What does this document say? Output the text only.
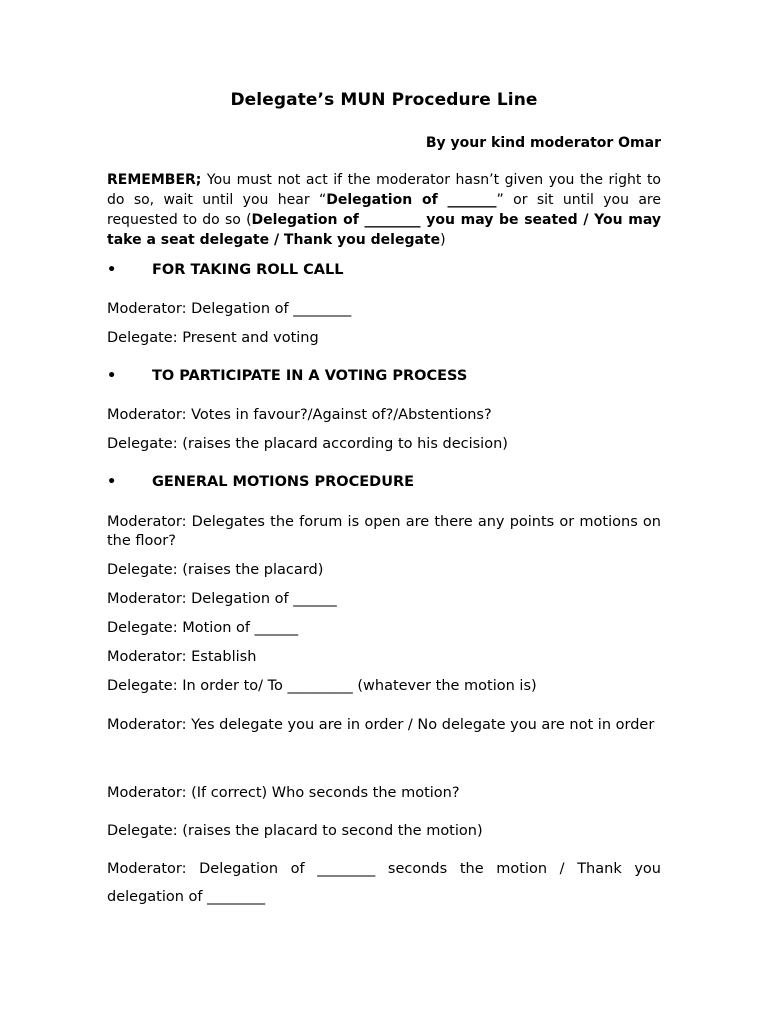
Delegate’s MUN Procedure Line
By your kind moderator Omar
REMEMBER; You must not act if the moderator hasn’t given you the right to do so, wait until you hear “Delegation of _______” or sit until you are requested to do so (Delegation of ________ you may be seated / You may take a seat delegate / Thank you delegate)
• FOR TAKING ROLL CALL
Moderator: Delegation of ________
Delegate: Present and voting
• TO PARTICIPATE IN A VOTING PROCESS
Moderator: Votes in favour?/Against of?/Abstentions?
Delegate: (raises the placard according to his decision)
• GENERAL MOTIONS PROCEDURE
Moderator: Delegates the forum is open are there any points or motions on the floor?
Delegate: (raises the placard)
Moderator: Delegation of ______
Delegate: Motion of ______
Moderator: Establish
Delegate: In order to/ To _________ (whatever the motion is)
Moderator: Yes delegate you are in order / No delegate you are not in order
Moderator: (If correct) Who seconds the motion?
Delegate: (raises the placard to second the motion)
Moderator: Delegation of ________ seconds the motion / Thank you delegation of ________
